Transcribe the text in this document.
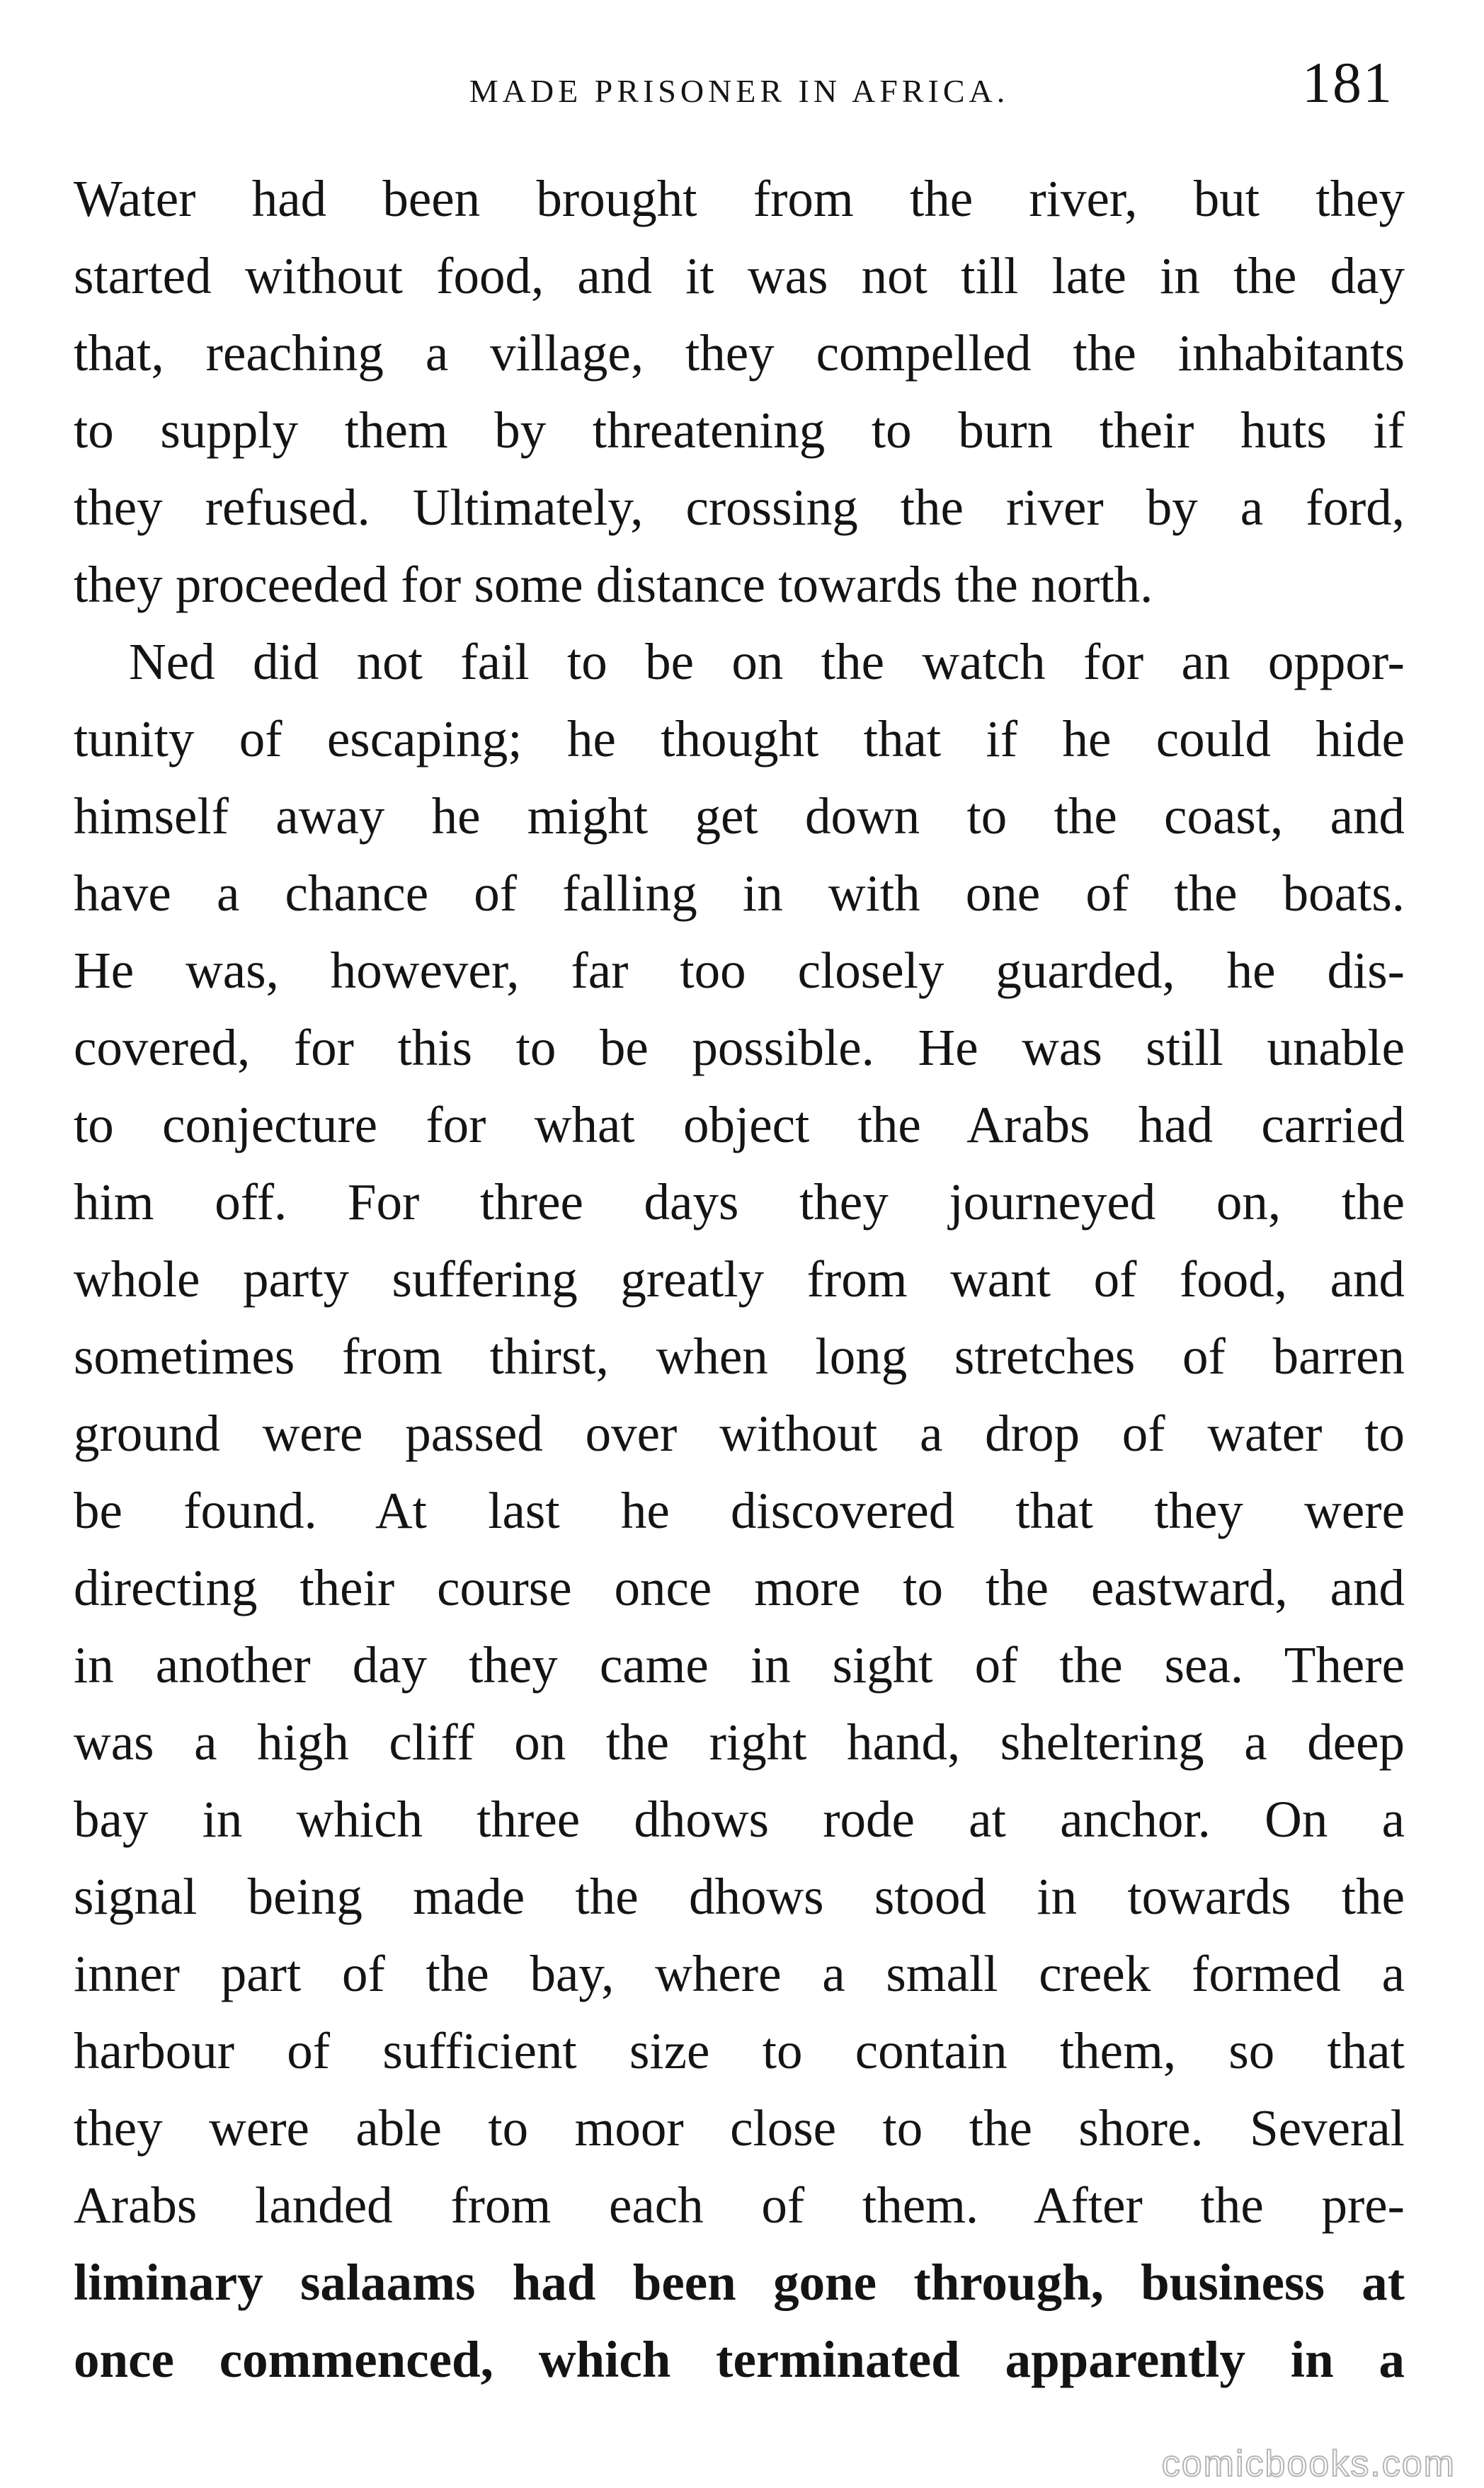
MADE PRISONER IN AFRICA.	181
Water had been brought from the river, but they
started without food, and it was not till late in the day
that, reaching a village, they compelled the inhabitants
to supply them by threatening to burn their huts if
they refused. Ultimately, crossing the river by a ford,
they proceeded for some distance towards the north.
Ned did not fail to be on the watch for an oppor-
tunity of escaping; he thought that if he could hide
himself away he might get down to the coast, and
have a chance of falling in with one of the boats.
He was, however, far too closely guarded, he dis-
covered, for this to be possible. He was still unable
to conjecture for what object the Arabs had carried
him off. For three days they journeyed on, the
whole party suffering greatly from want of food, and
sometimes from thirst, when long stretches of barren
ground were passed over without a drop of water to
be found. At last he discovered that they were
directing their course once more to the eastward, and
in another day they came in sight of the sea. There
was a high cliff on the right hand, sheltering a deep
bay in which three dhows rode at anchor. On a
signal being made the dhows stood in towards the
inner part of the bay, where a small creek formed a
harbour of sufficient size to contain them, so that
they were able to moor close to the shore. Several
Arabs landed from each of them. After the pre-
liminary salaams had been gone through, business at
once commenced, which terminated apparently in a
comicbooks.com
